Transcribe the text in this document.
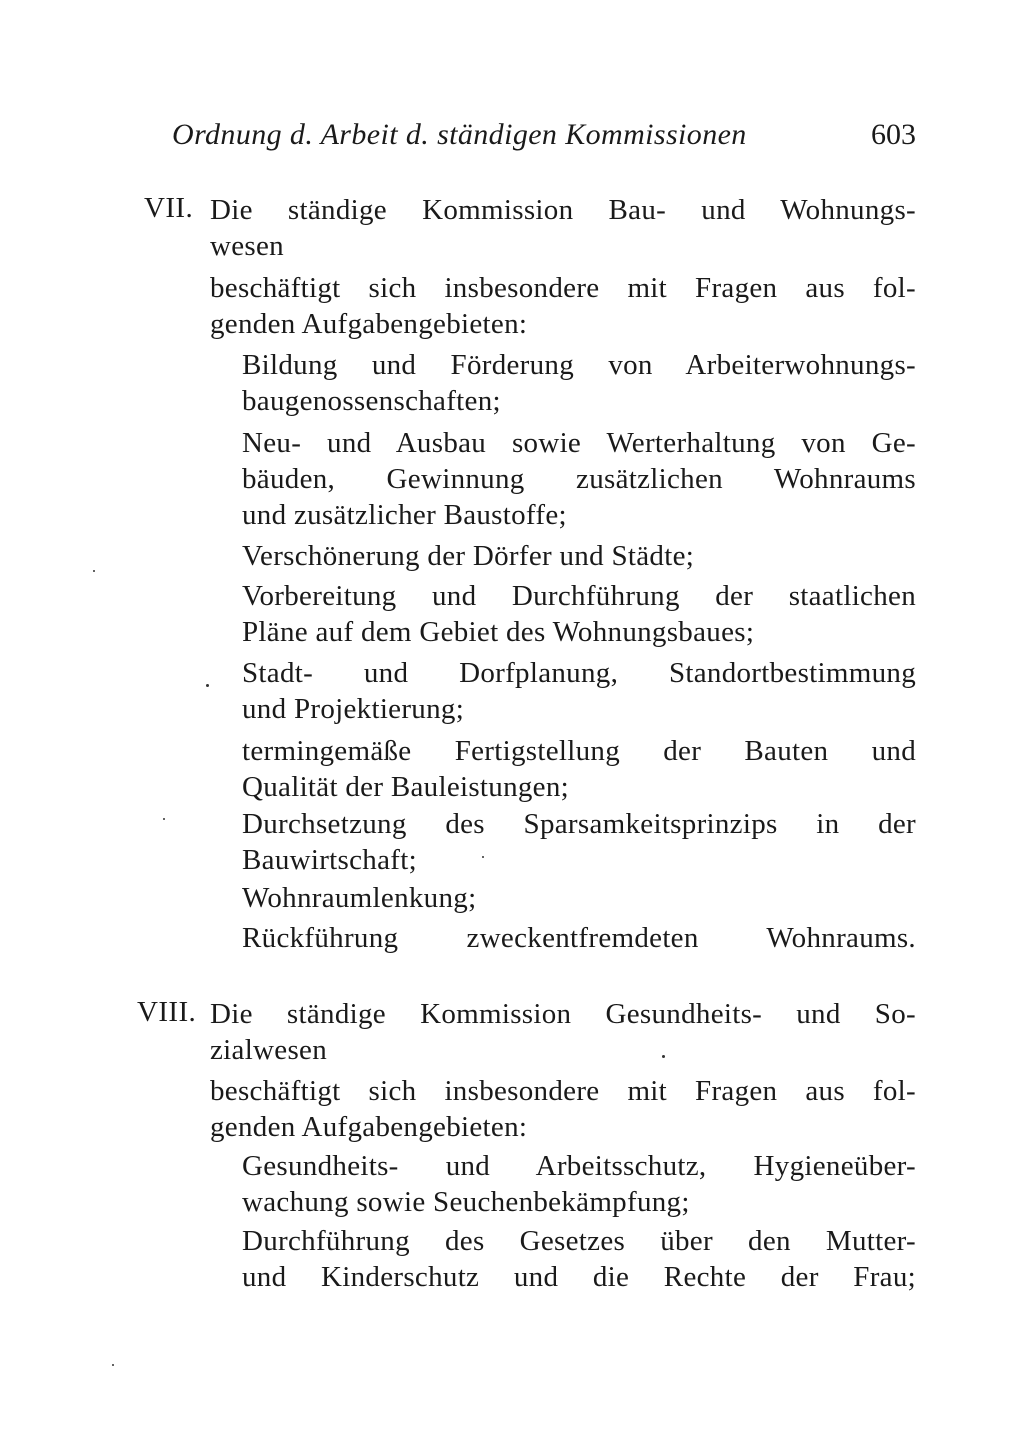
Ordnung d. Arbeit d. ständigen Kommissionen	603
VII. Die ständige Kommission Bau- und Wohnungs-
wesen
beschäftigt sich insbesondere mit Fragen aus fol-
genden Aufgabengebieten:
Bildung und Förderung von Arbeiterwohnungs-
baugenossenschaften;
Neu- und Ausbau sowie Werterhaltung von Ge-
bäuden, Gewinnung zusätzlichen Wohnraums
und zusätzlicher Baustoffe;
Verschönerung der Dörfer und Städte;
Vorbereitung und Durchführung der staatlichen
Pläne auf dem Gebiet des Wohnungsbaues;
Stadt- und Dorfplanung, Standortbestimmung
und Projektierung;
termingemäße Fertigstellung der Bauten und
Qualität der Bauleistungen;
Durchsetzung des Sparsamkeitsprinzips in der
Bauwirtschaft;
Wohnraumlenkung;
Rückführung zweckentfremdeten Wohnraums.
VIII. Die ständige Kommission Gesundheits- und So-
zialwesen
beschäftigt sich insbesondere mit Fragen aus fol-
genden Aufgabengebieten:
Gesundheits- und Arbeitsschutz, Hygieneüber-
wachung sowie Seuchenbekämpfung;
Durchführung des Gesetzes über den Mutter-
und Kinderschutz und die Rechte der Frau;
